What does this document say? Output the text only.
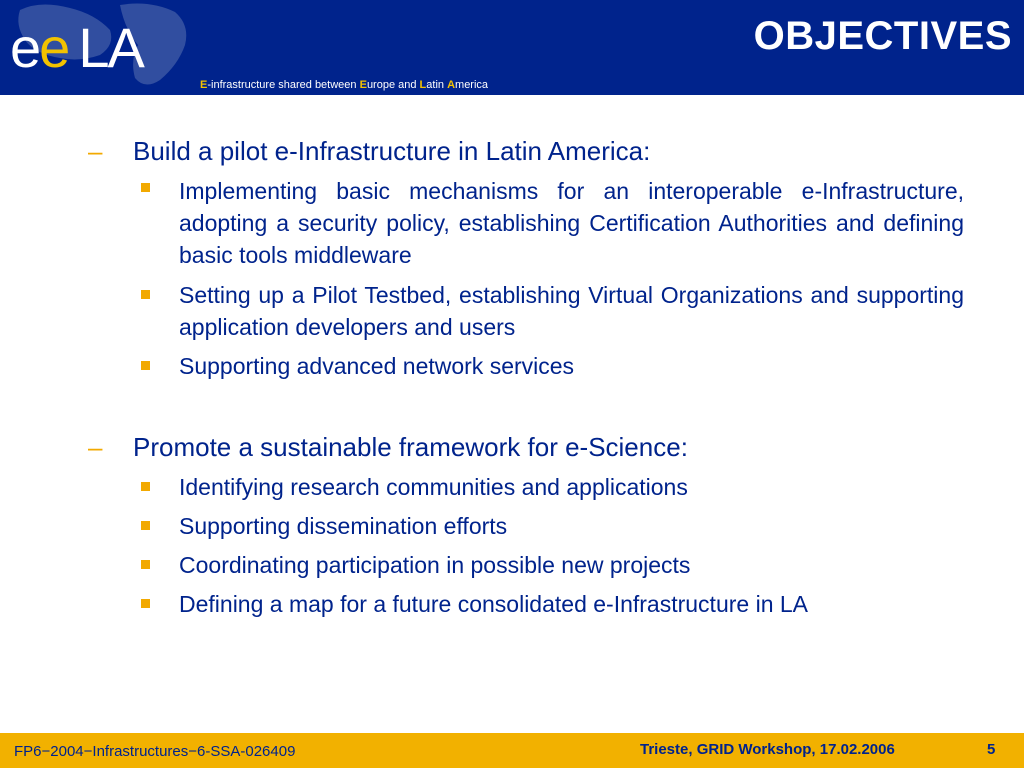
ee LA	OBJECTIVES
E-infrastructure shared between Europe and Latin America
– Build a pilot e-Infrastructure in Latin America:
Implementing basic mechanisms for an interoperable e-Infrastructure, adopting a security policy, establishing Certification Authorities and defining basic tools middleware
Setting up a Pilot Testbed, establishing Virtual Organizations and supporting application developers and users
Supporting advanced network services
– Promote a sustainable framework for e-Science:
Identifying research communities and applications
Supporting dissemination efforts
Coordinating participation in possible new projects
Defining a map for a future consolidated e-Infrastructure in LA
FP6−2004−Infrastructures−6-SSA-026409	Trieste, GRID Workshop, 17.02.2006	5
